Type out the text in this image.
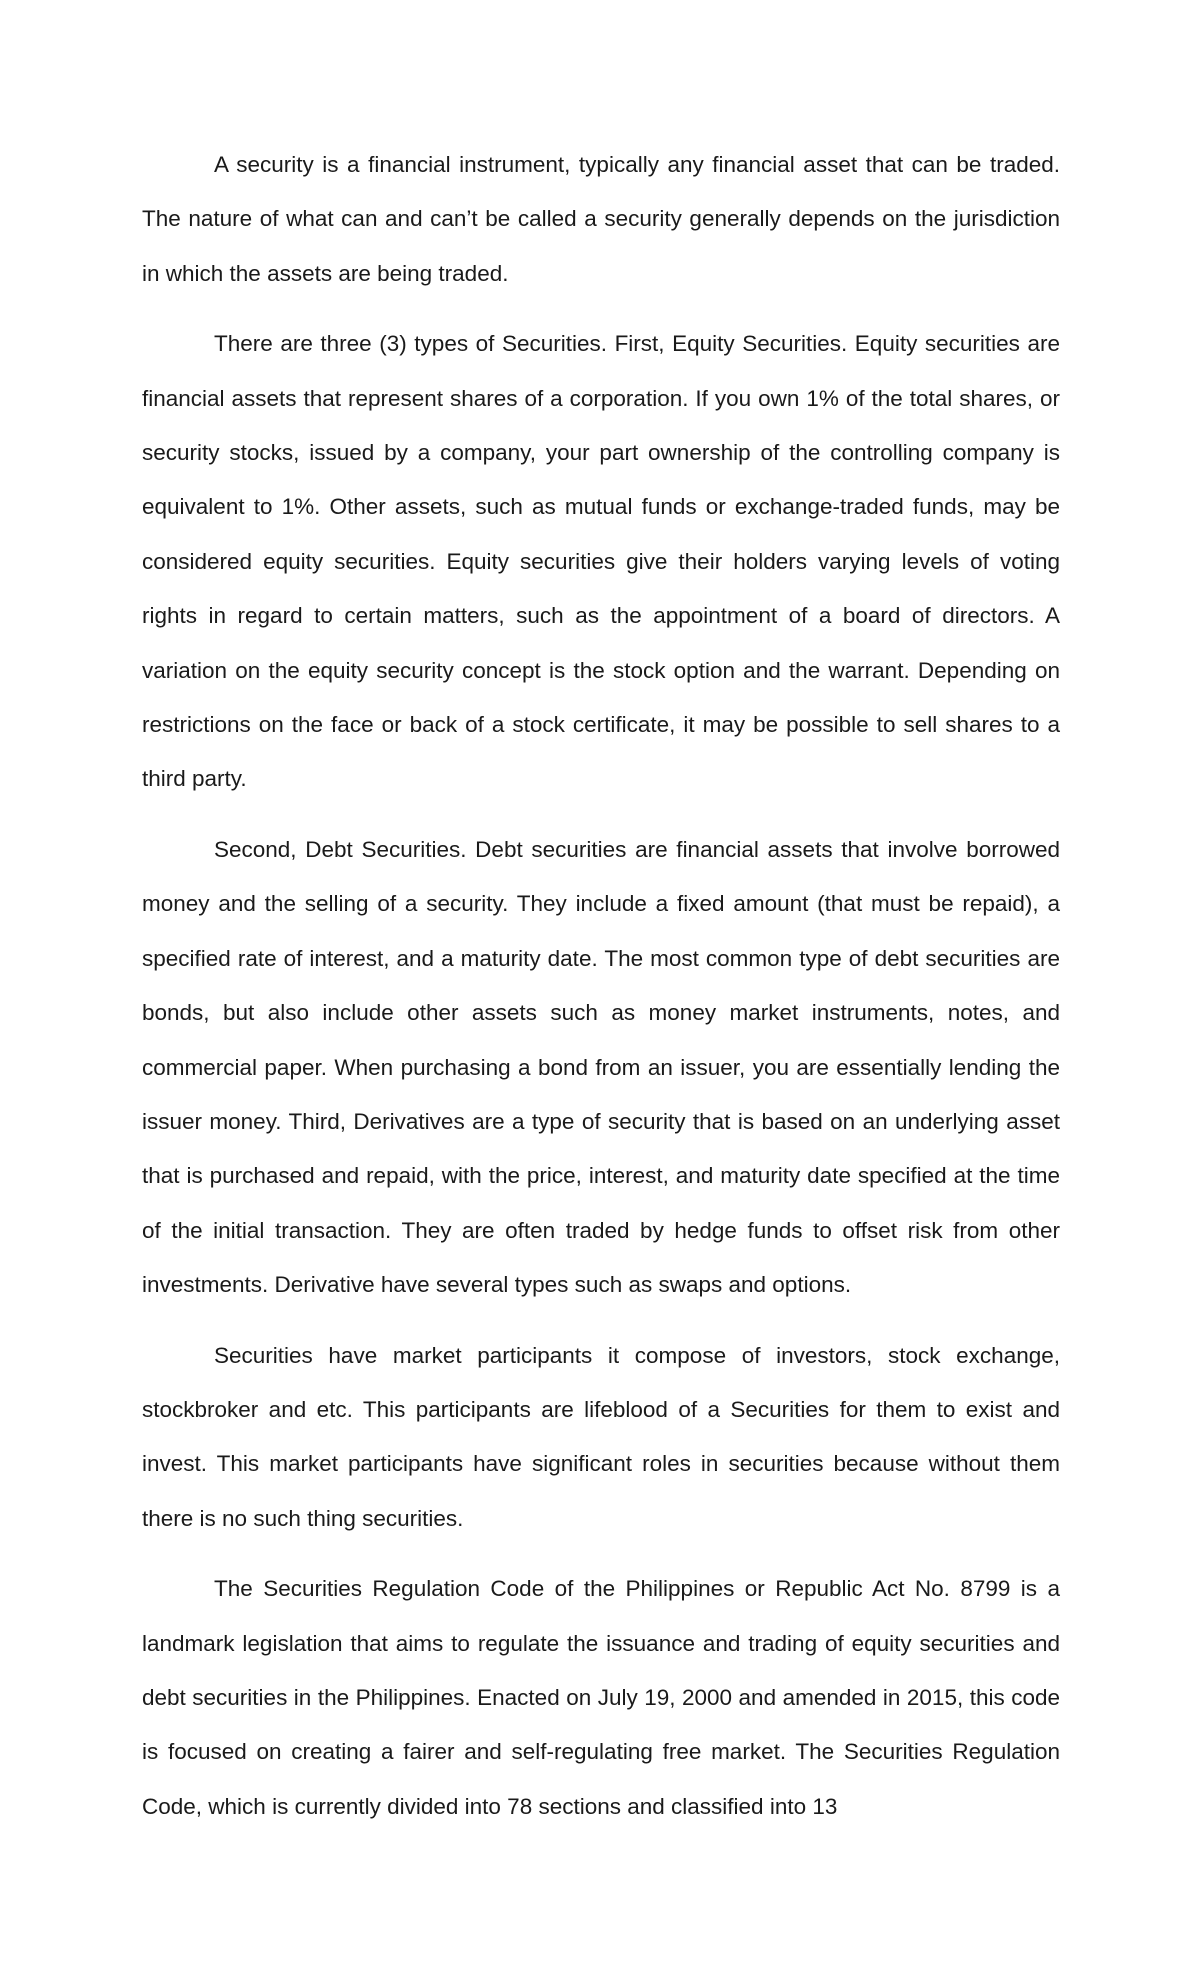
A security is a financial instrument, typically any financial asset that can be traded. The nature of what can and can’t be called a security generally depends on the jurisdiction in which the assets are being traded.

There are three (3) types of Securities. First, Equity Securities. Equity securities are financial assets that represent shares of a corporation. If you own 1% of the total shares, or security stocks, issued by a company, your part ownership of the controlling company is equivalent to 1%. Other assets, such as mutual funds or exchange-traded funds, may be considered equity securities. Equity securities give their holders varying levels of voting rights in regard to certain matters, such as the appointment of a board of directors. A variation on the equity security concept is the stock option and the warrant. Depending on restrictions on the face or back of a stock certificate, it may be possible to sell shares to a third party.

Second, Debt Securities. Debt securities are financial assets that involve borrowed money and the selling of a security. They include a fixed amount (that must be repaid), a specified rate of interest, and a maturity date. The most common type of debt securities are bonds, but also include other assets such as money market instruments, notes, and commercial paper. When purchasing a bond from an issuer, you are essentially lending the issuer money. Third, Derivatives are a type of security that is based on an underlying asset that is purchased and repaid, with the price, interest, and maturity date specified at the time of the initial transaction. They are often traded by hedge funds to offset risk from other investments. Derivative have several types such as swaps and options.

Securities have market participants it compose of investors, stock exchange, stockbroker and etc. This participants are lifeblood of a Securities for them to exist and invest. This market participants have significant roles in securities because without them there is no such thing securities.

The Securities Regulation Code of the Philippines or Republic Act No. 8799 is a landmark legislation that aims to regulate the issuance and trading of equity securities and debt securities in the Philippines. Enacted on July 19, 2000 and amended in 2015, this code is focused on creating a fairer and self-regulating free market. The Securities Regulation Code, which is currently divided into 78 sections and classified into 13
